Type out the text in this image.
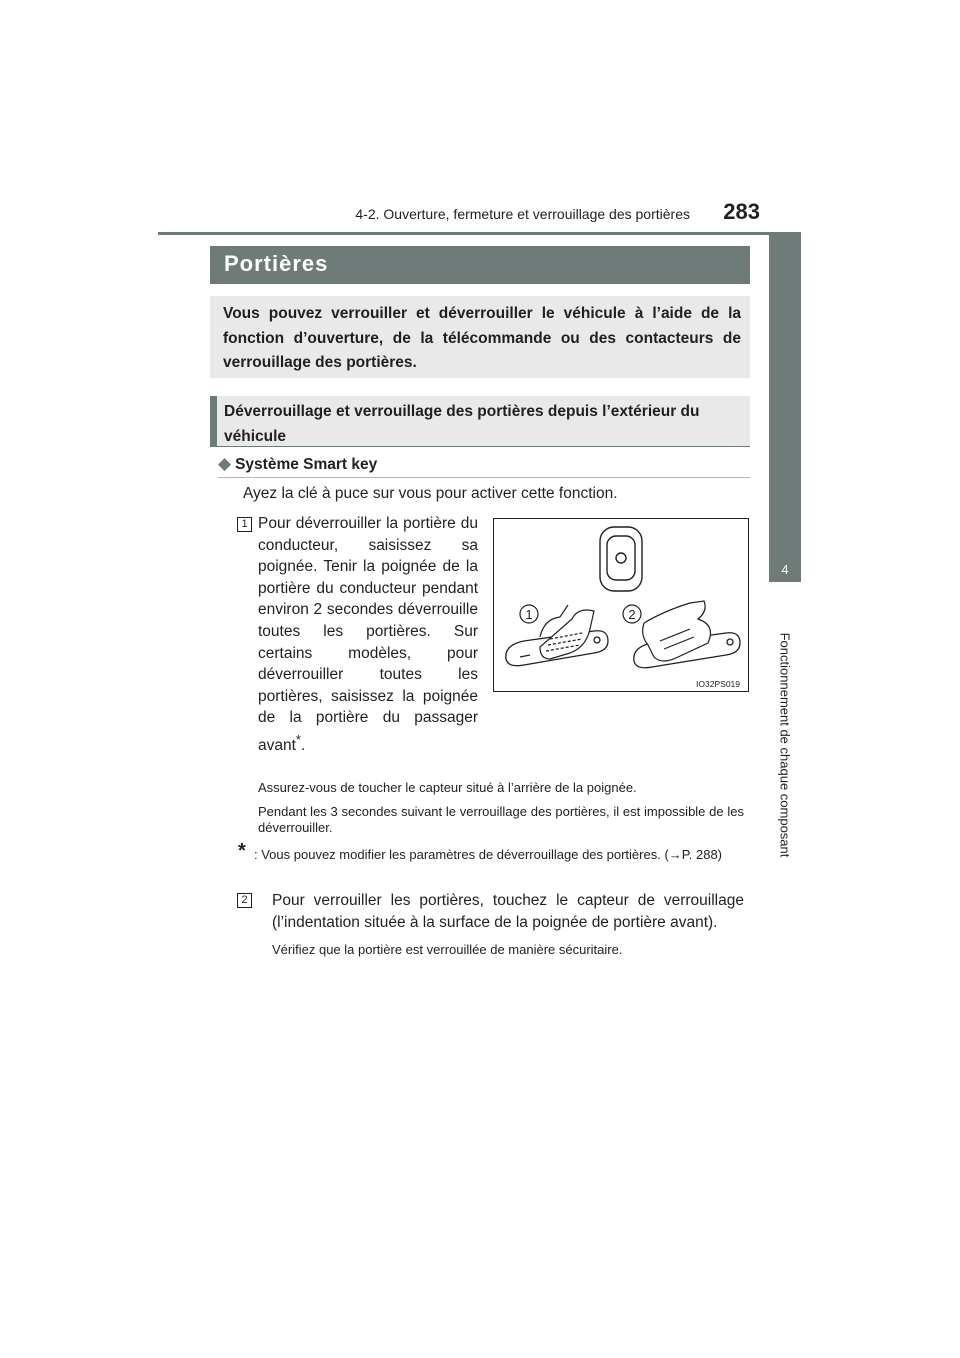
4-2. Ouverture, fermeture et verrouillage des portières	283
4
Fonctionnement de chaque composant
Portières
Vous pouvez verrouiller et déverrouiller le véhicule à l’aide de la fonction d’ouverture, de la télécommande ou des contacteurs de verrouillage des portières.
Déverrouillage et verrouillage des portières depuis l’extérieur du véhicule
◆ Système Smart key
Ayez la clé à puce sur vous pour activer cette fonction.
1 Pour déverrouiller la portière du conducteur, saisissez sa poignée. Tenir la poignée de la portière du conducteur pendant environ 2 secondes déverrouille toutes les portières. Sur certains modèles, pour déverrouiller toutes les portières, saisissez la poignée de la portière du passager avant*.
1	2
IO32PS019
Assurez-vous de toucher le capteur situé à l’arrière de la poignée.
Pendant les 3 secondes suivant le verrouillage des portières, il est impossible de les déverrouiller.
* : Vous pouvez modifier les paramètres de déverrouillage des portières. (→P. 288)
2 Pour verrouiller les portières, touchez le capteur de verrouillage (l’indentation située à la surface de la poignée de portière avant).
Vérifiez que la portière est verrouillée de manière sécuritaire.
